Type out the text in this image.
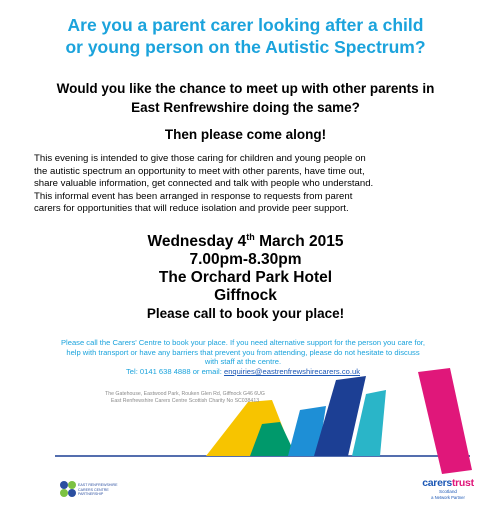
Are you a parent carer looking after a child
or young person on the Autistic Spectrum?
Would you like the chance to meet up with other parents in
East Renfrewshire doing the same?
Then please come along!

This evening is intended to give those caring for children and young people on

the autistic spectrum an opportunity to meet with other parents, have time out,

share valuable information, get connected and talk with people who understand.

This informal event has been arranged in response to requests from parent

carers for opportunities that will reduce isolation and provide peer support.

Wednesday 4th March 2015
7.00pm-8.30pm
The Orchard Park Hotel
Giffnock
Please call to book your place!
Please call the Carers' Centre to book your place. If you need alternative support for the person you care for,
help with transport or have any barriers that prevent you from attending, please do not hesitate to discuss
with staff at the centre.
Tel: 0141 638 4888 or email: enquiries@eastrenfrewshirecarers.co.uk
The Gatehouse, Eastwood Park, Rouken Glen Rd, Giffnock G46 6UG
East Renfrewshire Carers Centre Scottish Charity No SC038413
EAST RENFREWSHIRE
CARERS CENTRE
PARTNERSHIP
carerstrust
Scotland
a Network Partner
